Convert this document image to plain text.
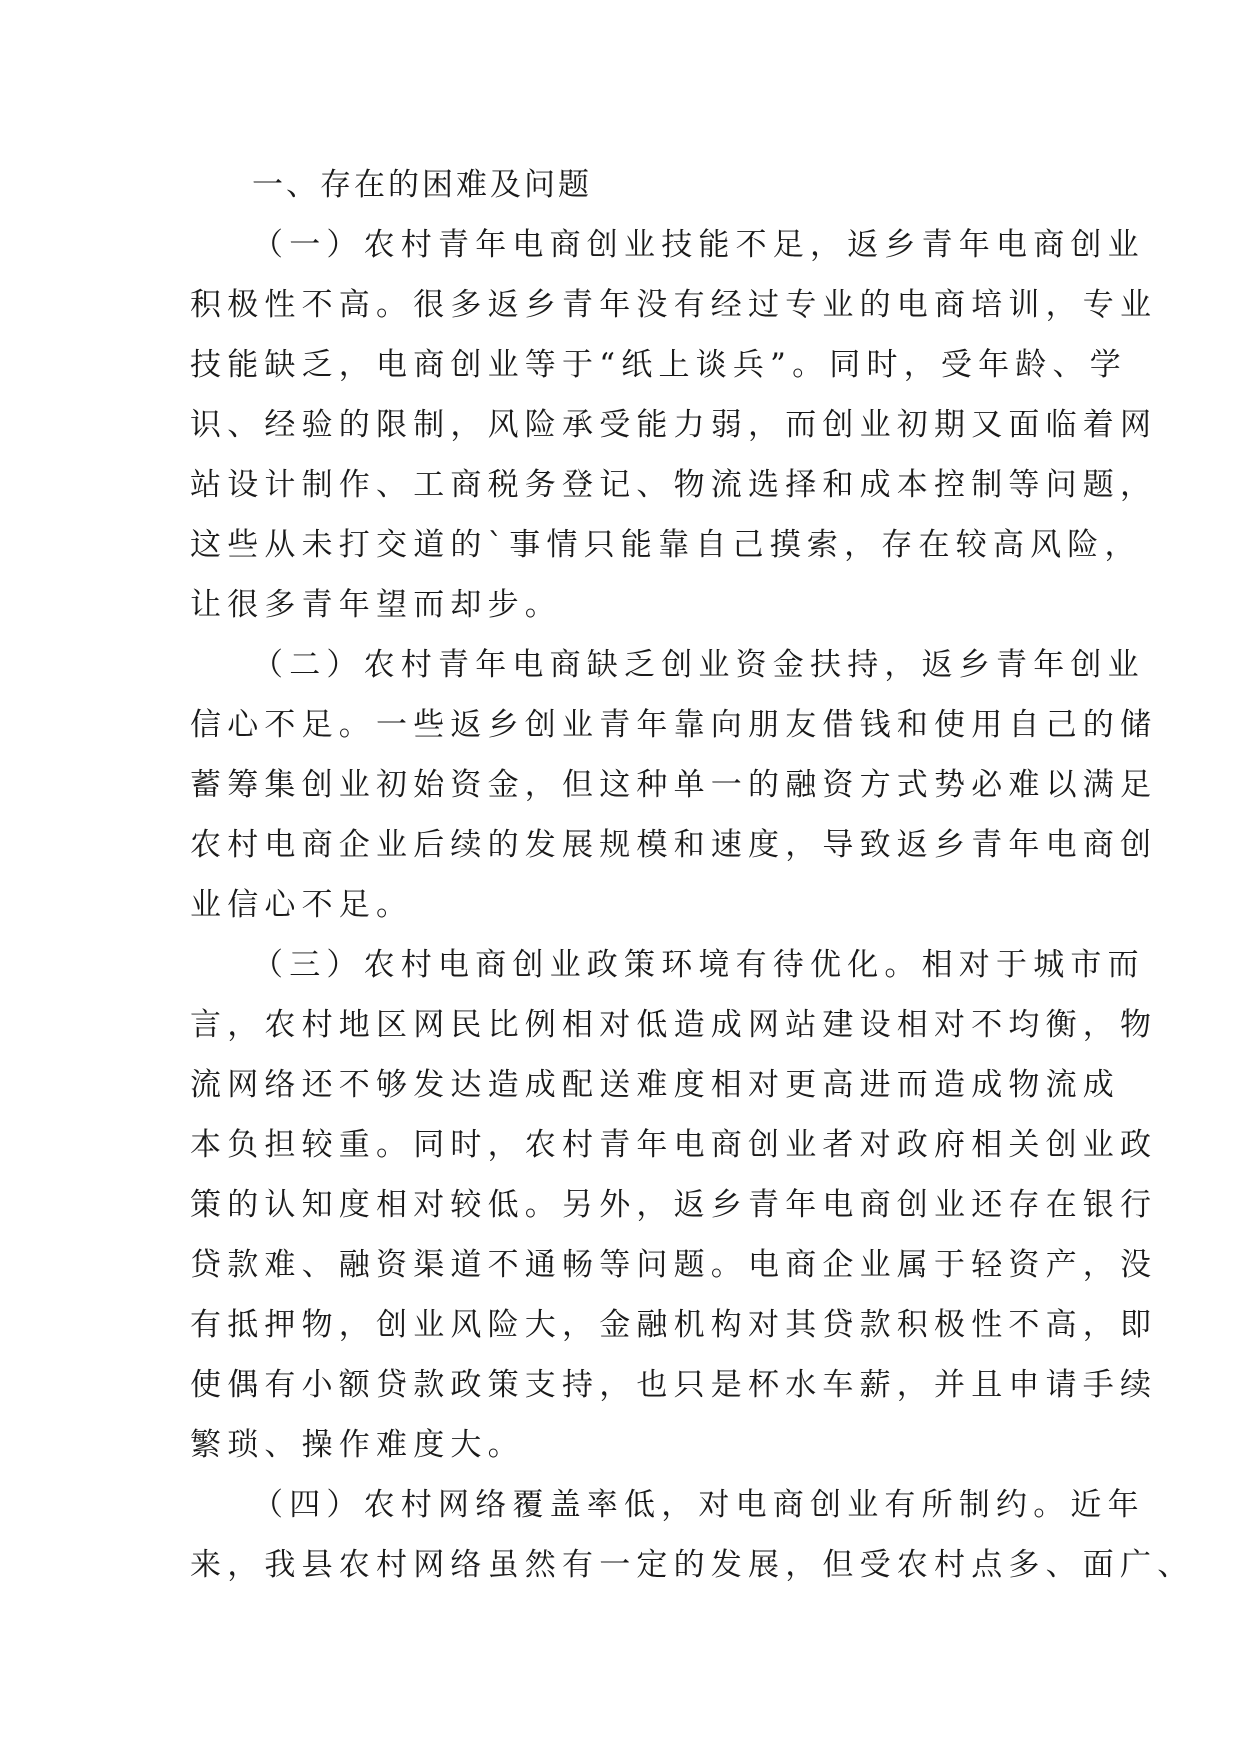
一、存在的困难及问题
（一）农村青年电商创业技能不足，返乡青年电商创业
积极性不高。很多返乡青年没有经过专业的电商培训，专业
技能缺乏，电商创业等于“纸上谈兵”。同时，受年龄、学
识、经验的限制，风险承受能力弱，而创业初期又面临着网
站设计制作、工商税务登记、物流选择和成本控制等问题，
这些从未打交道的`事情只能靠自己摸索，存在较高风险，
让很多青年望而却步。
（二）农村青年电商缺乏创业资金扶持，返乡青年创业
信心不足。一些返乡创业青年靠向朋友借钱和使用自己的储
蓄筹集创业初始资金，但这种单一的融资方式势必难以满足
农村电商企业后续的发展规模和速度，导致返乡青年电商创
业信心不足。
（三）农村电商创业政策环境有待优化。相对于城市而
言，农村地区网民比例相对低造成网站建设相对不均衡，物
流网络还不够发达造成配送难度相对更高进而造成物流成
本负担较重。同时，农村青年电商创业者对政府相关创业政
策的认知度相对较低。另外，返乡青年电商创业还存在银行
贷款难、融资渠道不通畅等问题。电商企业属于轻资产，没
有抵押物，创业风险大，金融机构对其贷款积极性不高，即
使偶有小额贷款政策支持，也只是杯水车薪，并且申请手续
繁琐、操作难度大。
（四）农村网络覆盖率低，对电商创业有所制约。近年
来，我县农村网络虽然有一定的发展，但受农村点多、面广、
